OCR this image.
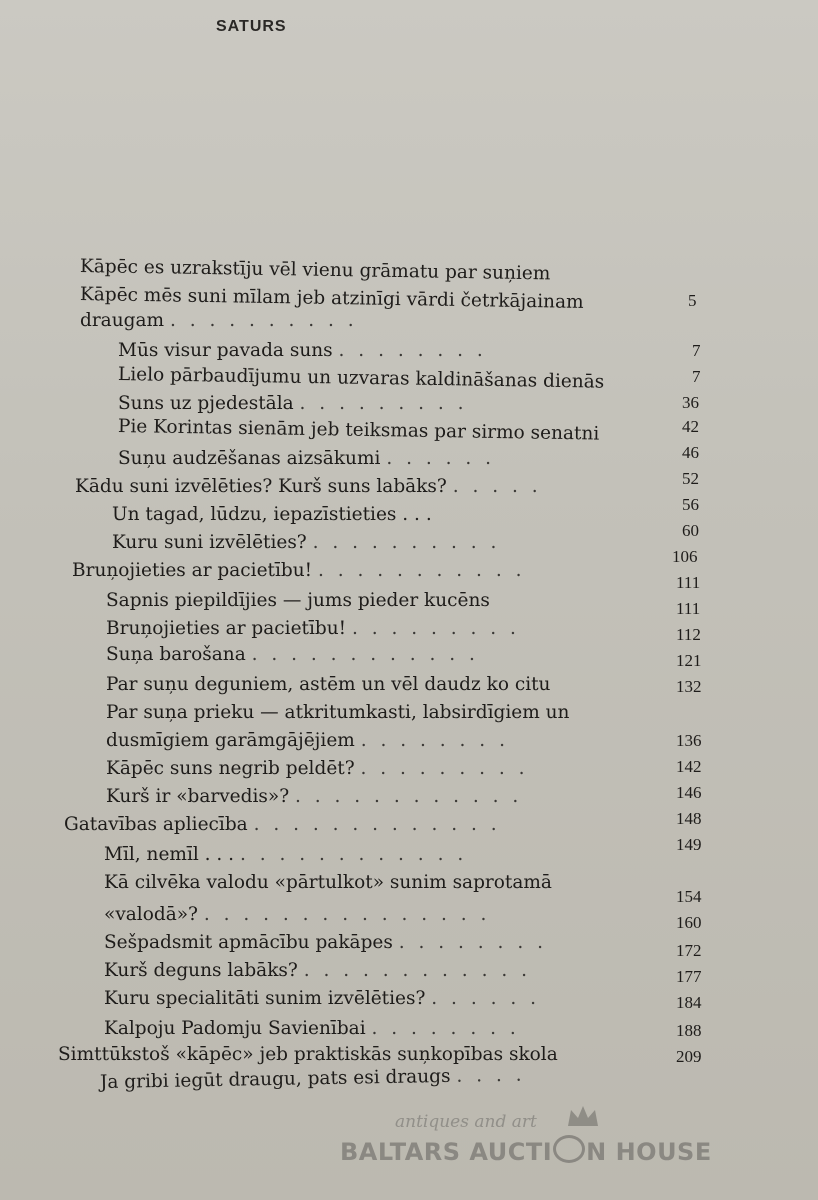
SATURS
Kāpēc es uzrakstīju vēl vienu grāmatu par suņiem
Kāpēc mēs suni mīlam jeb atzinīgi vārdi četrkājainam
draugam . . . . . . . . . .
Mūs visur pavada suns . . . . . . . .
Lielo pārbaudījumu un uzvaras kaldināšanas dienās
Suns uz pjedestāla . . . . . . . . .
Pie Korintas sienām jeb teiksmas par sirmo senatni
Suņu audzēšanas aizsākumi . . . . . .
Kādu suni izvēlēties? Kurš suns labāks? . . . . .
Un tagad, lūdzu, iepazīstieties . . .
Kuru suni izvēlēties? . . . . . . . . . .
Bruņojieties ar pacietību! . . . . . . . . . . .
Sapnis piepildījies — jums pieder kucēns
Bruņojieties ar pacietību! . . . . . . . . .
Suņa barošana . . . . . . . . . . . .
Par suņu deguniem, astēm un vēl daudz ko citu
Par suņa prieku — atkritumkasti, labsirdīgiem un
dusmīgiem garāmgājējiem . . . . . . . .
Kāpēc suns negrib peldēt? . . . . . . . . .
Kurš ir «barvedis»? . . . . . . . . . . . .
Gatavības apliecība . . . . . . . . . . . . .
Mīl, nemīl . . . . . . . . . . . . . . .
Kā cilvēka valodu «pārtulkot» sunim saprotamā
«valodā»? . . . . . . . . . . . . . . .
Sešpadsmit apmācību pakāpes . . . . . . . .
Kurš deguns labāks? . . . . . . . . . . . .
Kuru specialitāti sunim izvēlēties? . . . . . .
Kalpoju Padomju Savienībai . . . . . . . .
Simttūkstoš «kāpēc» jeb praktiskās suņkopības skola
Ja gribi iegūt draugu, pats esi draugs . . . .
5
7
7
36
42
46
52
56
60
106
111
111
112
121
132
136
142
146
148
149
154
160
172
177
184
188
209
antiques and art
BALTARS AUCTI N HOUSE
